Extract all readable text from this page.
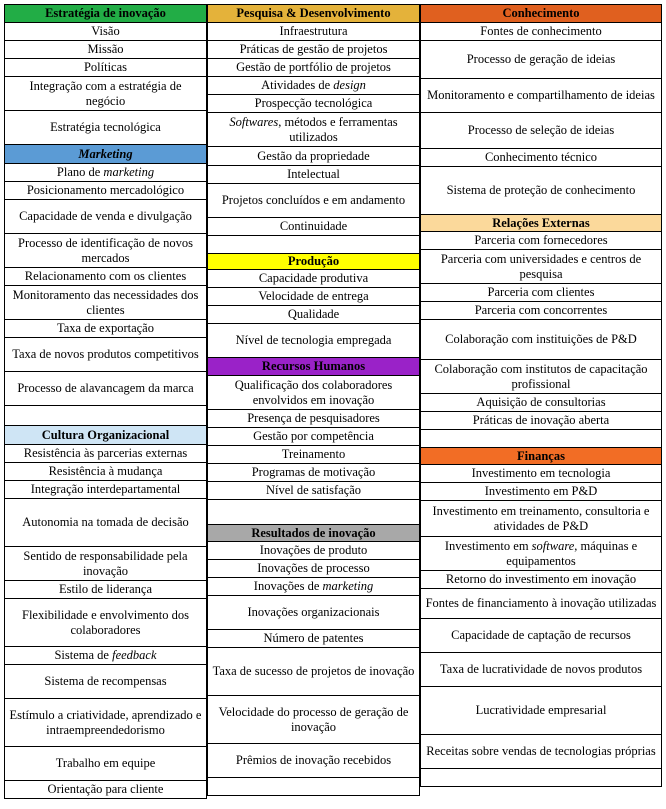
Estratégia de inovação
Visão
Missão
Políticas
Integração com a estratégia de negócio
Estratégia tecnológica
Marketing
Plano de marketing
Posicionamento mercadológico
Capacidade de venda e divulgação
Processo de identificação de novos mercados
Relacionamento com os clientes
Monitoramento das necessidades dos clientes
Taxa de exportação
Taxa de novos produtos competitivos
Processo de alavancagem da marca
Cultura Organizacional
Resistência às parcerias externas
Resistência à mudança
Integração interdepartamental
Autonomia na tomada de decisão
Sentido de responsabilidade pela inovação
Estilo de liderança
Flexibilidade e envolvimento dos colaboradores
Sistema de feedback
Sistema de recompensas
Estímulo a criatividade, aprendizado e intraempreendedorismo
Trabalho em equipe
Orientação para cliente
Pesquisa & Desenvolvimento
Infraestrutura
Práticas de gestão de projetos
Gestão de portfólio de projetos
Atividades de design
Prospecção tecnológica
Softwares, métodos e ferramentas utilizados
Gestão da propriedade
Intelectual
Projetos concluídos e em andamento
Continuidade
Produção
Capacidade produtiva
Velocidade de entrega
Qualidade
Nível de tecnologia empregada
Recursos Humanos
Qualificação dos colaboradores envolvidos em inovação
Presença de pesquisadores
Gestão por competência
Treinamento
Programas de motivação
Nível de satisfação
Resultados de inovação
Inovações de produto
Inovações de processo
Inovações de marketing
Inovações organizacionais
Número de patentes
Taxa de sucesso de projetos de inovação
Velocidade do processo de geração de inovação
Prêmios de inovação recebidos
Conhecimento
Fontes de conhecimento
Processo de geração de ideias
Monitoramento e compartilhamento de ideias
Processo de seleção de ideias
Conhecimento técnico
Sistema de proteção de conhecimento
Relações Externas
Parceria com fornecedores
Parceria com universidades e centros de pesquisa
Parceria com clientes
Parceria com concorrentes
Colaboração com instituições de P&D
Colaboração com institutos de capacitação profissional
Aquisição de consultorias
Práticas de inovação aberta
Finanças
Investimento em tecnologia
Investimento em P&D
Investimento em treinamento, consultoria e atividades de P&D
Investimento em software, máquinas e equipamentos
Retorno do investimento em inovação
Fontes de financiamento à inovação utilizadas
Capacidade de captação de recursos
Taxa de lucratividade de novos produtos
Lucratividade empresarial
Receitas sobre vendas de tecnologias próprias
